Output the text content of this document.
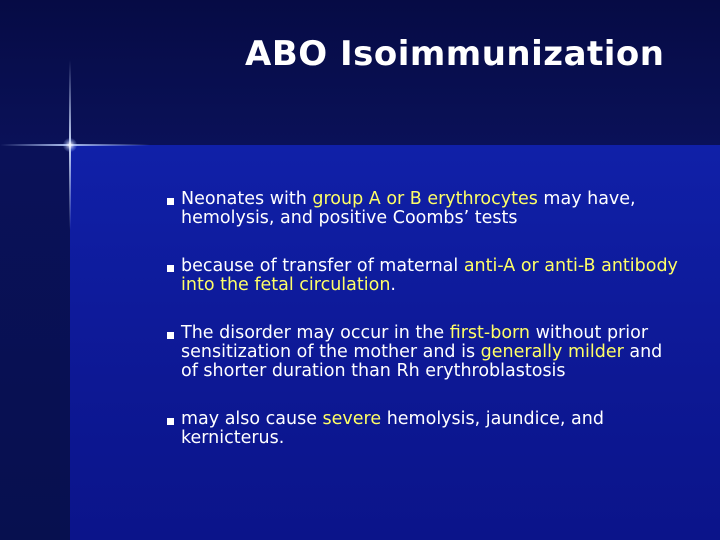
ABO Isoimmunization
Neonates with group A or B erythrocytes may have, hemolysis, and positive Coombs’ tests
because of transfer of maternal anti-A or anti-B antibody into the fetal circulation.
The disorder may occur in the first-born without prior sensitization of the mother and is generally milder and of shorter duration than Rh erythroblastosis
may also cause severe hemolysis, jaundice, and kernicterus.
